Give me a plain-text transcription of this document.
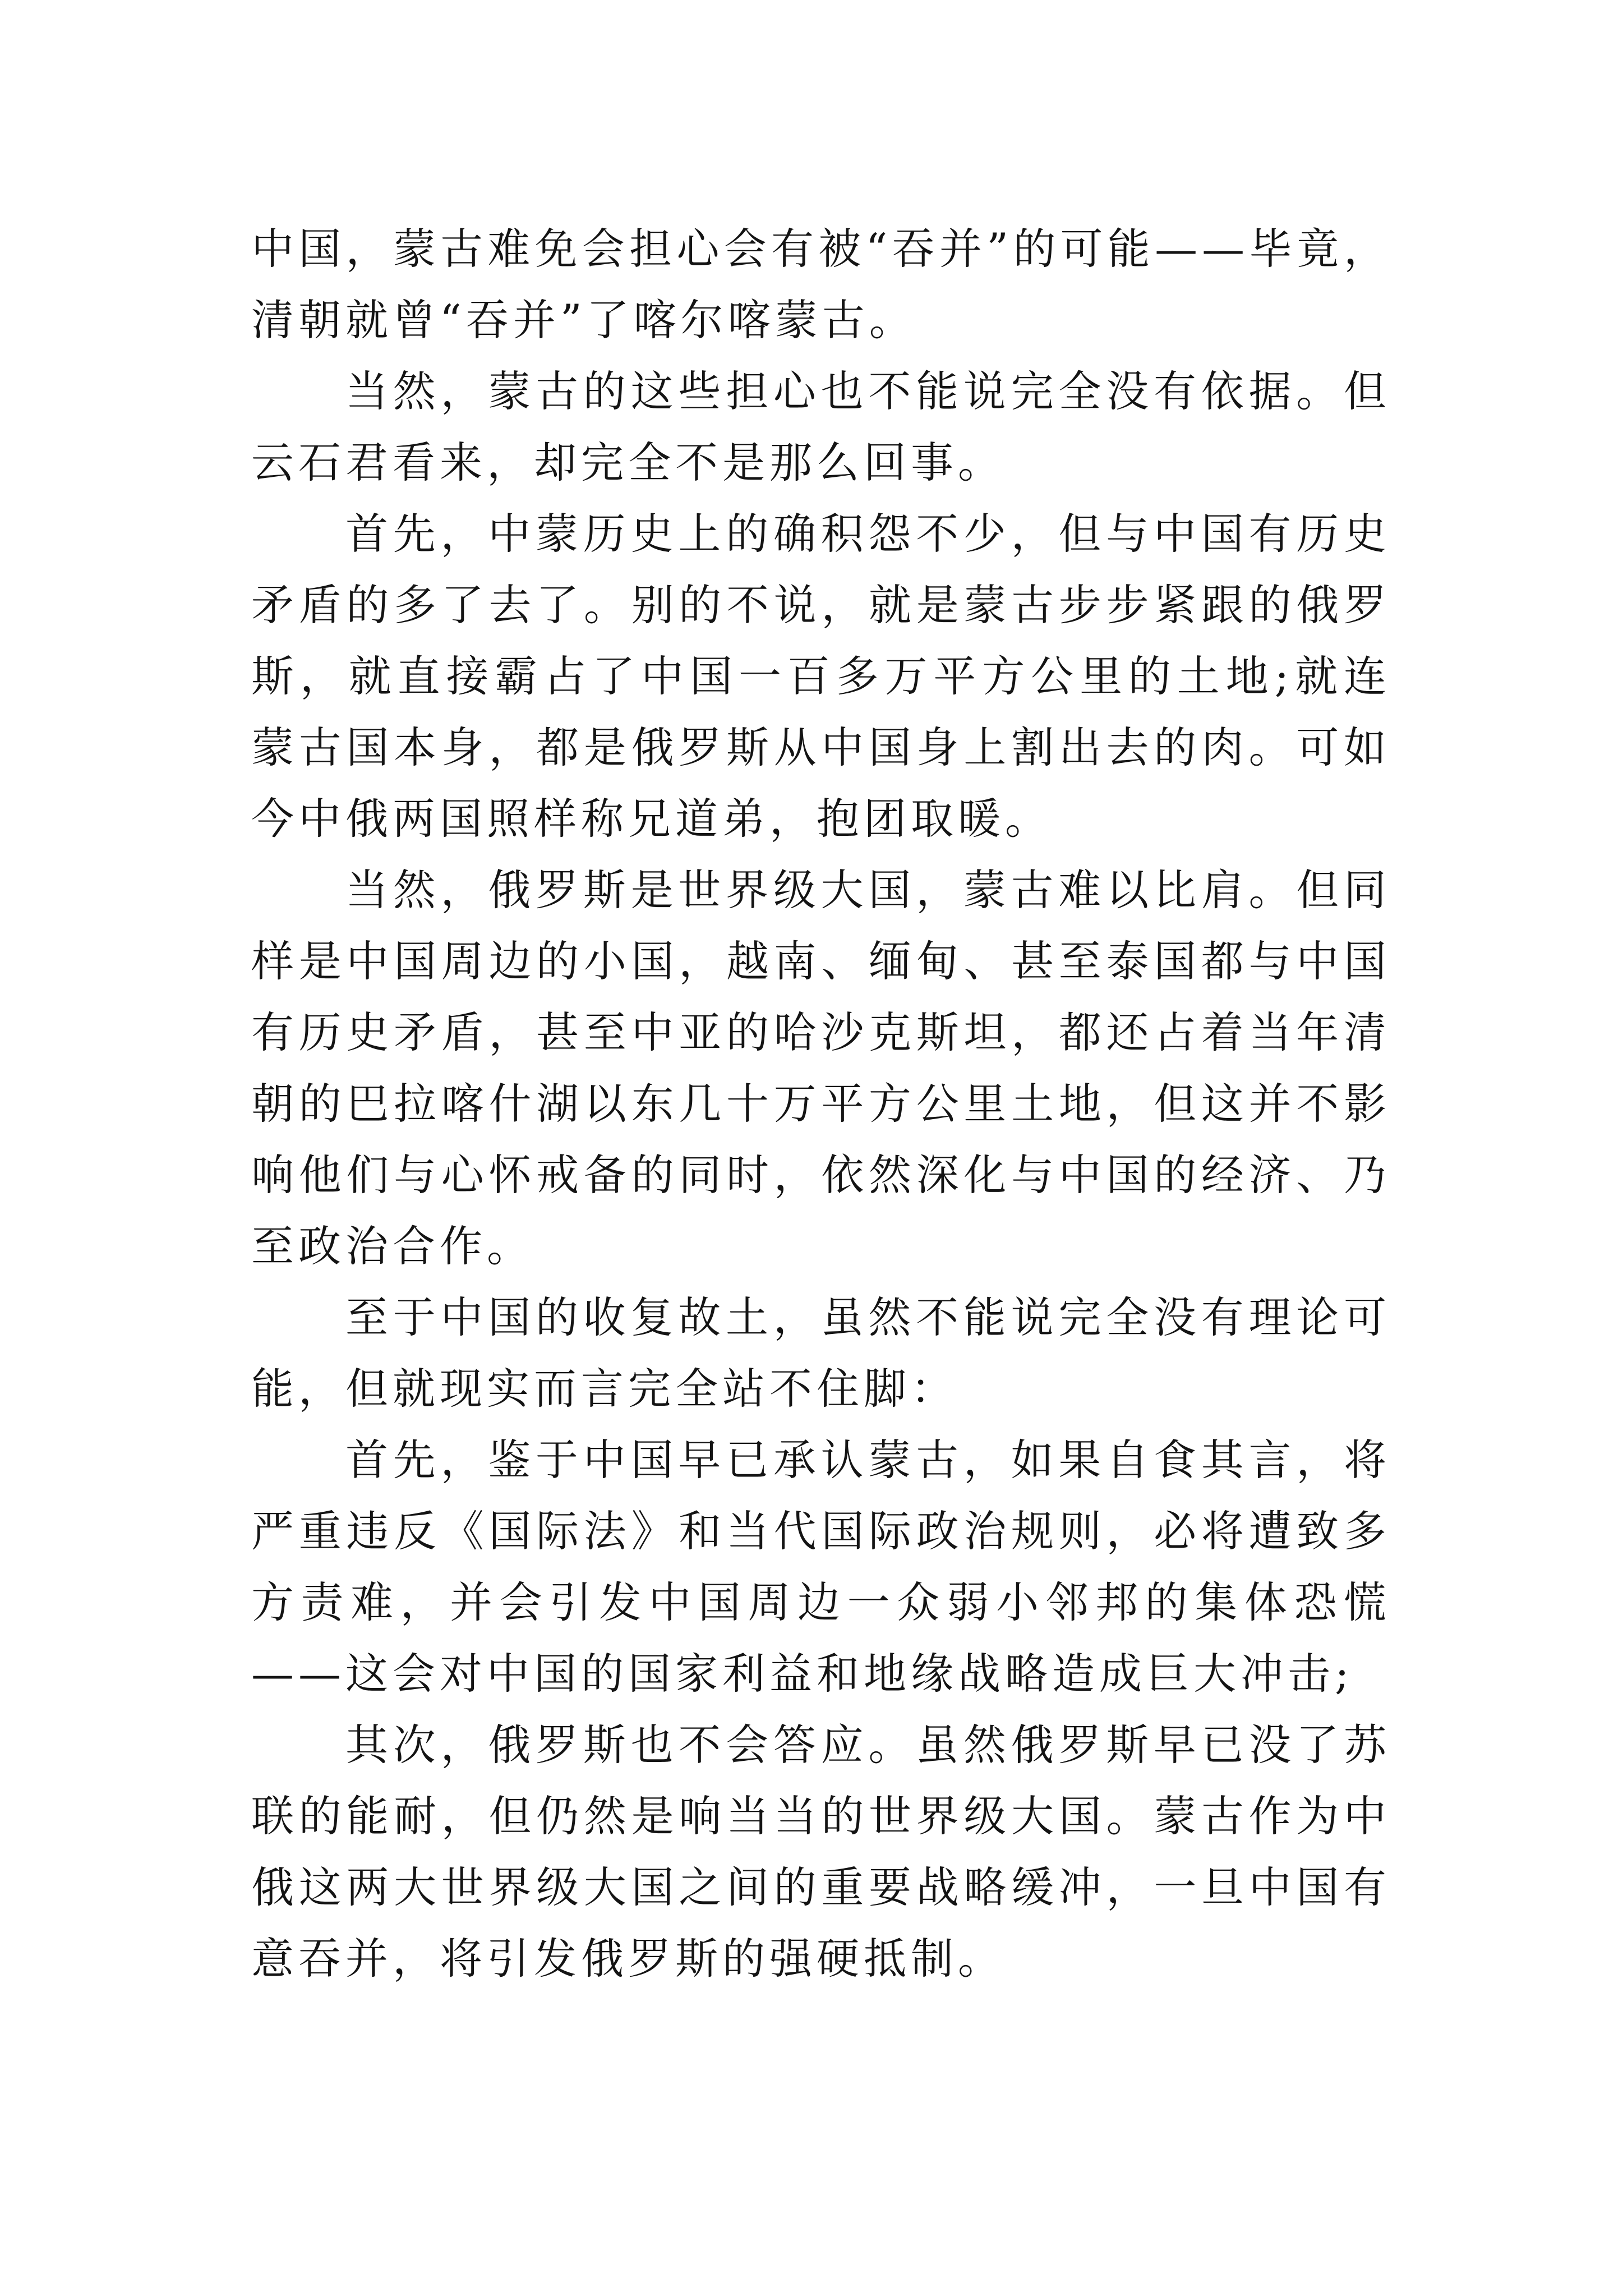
中国，蒙古难免会担心会有被“吞并”的可能——毕竟，清朝就曾“吞并”了喀尔喀蒙古。

当然，蒙古的这些担心也不能说完全没有依据。但云石君看来，却完全不是那么回事。

首先，中蒙历史上的确积怨不少，但与中国有历史矛盾的多了去了。别的不说，就是蒙古步步紧跟的俄罗斯，就直接霸占了中国一百多万平方公里的土地;就连蒙古国本身，都是俄罗斯从中国身上割出去的肉。可如今中俄两国照样称兄道弟，抱团取暖。

当然，俄罗斯是世界级大国，蒙古难以比肩。但同样是中国周边的小国，越南、缅甸、甚至泰国都与中国有历史矛盾，甚至中亚的哈沙克斯坦，都还占着当年清朝的巴拉喀什湖以东几十万平方公里土地，但这并不影响他们与心怀戒备的同时，依然深化与中国的经济、乃至政治合作。

至于中国的收复故土，虽然不能说完全没有理论可能，但就现实而言完全站不住脚：

首先，鉴于中国早已承认蒙古，如果自食其言，将严重违反《国际法》和当代国际政治规则，必将遭致多方责难，并会引发中国周边一众弱小邻邦的集体恐慌——这会对中国的国家利益和地缘战略造成巨大冲击;

其次，俄罗斯也不会答应。虽然俄罗斯早已没了苏联的能耐，但仍然是响当当的世界级大国。蒙古作为中俄这两大世界级大国之间的重要战略缓冲，一旦中国有意吞并，将引发俄罗斯的强硬抵制。
